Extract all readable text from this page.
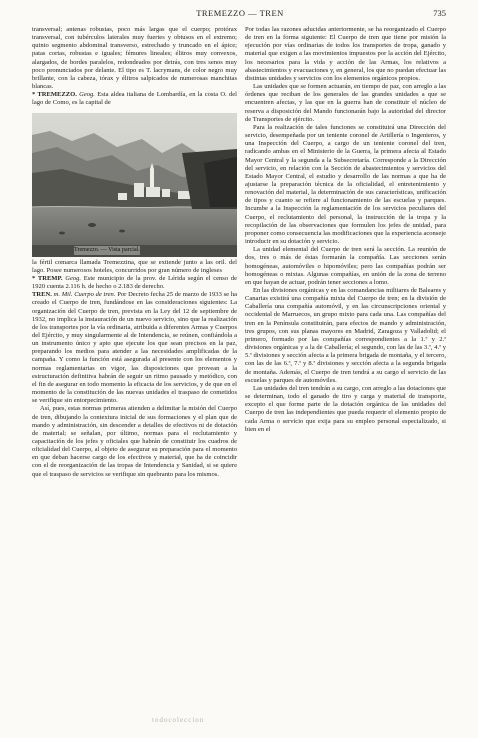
TREMEZZO — TREN	735

transversal; antenas robustas, poco más largas que el cuerpo; protórax transversal, con tubérculos laterales muy fuertes y obtusos en el extremo; quinto segmento abdominal transverso, estrechado y truncado en el ápice; patas cortas, robustas e iguales; fémures lineales; élitros muy convexos, alargados, de bordes paralelos, redondeados por detrás, con tres senos muy poco pronunciados por delante. El tipo es T. lacrymans, de color negro muy brillante, con la cabeza, tórax y élitros salpicados de numerosas manchitas blancas.

* TREMEZZO. Geog. Esta aldea italiana de Lombardía, en la costa O. del lago de Como, es la capital de

Tremezzo. — Vista parcial.

la fértil comarca llamada Tremezzina, que se extiende junto a las oril. del lago. Posee numerosos hoteles, concurridos por gran número de ingleses

* TREMP. Geog. Este municipio de la prov. de Lérida según el censo de 1920 cuenta 2.116 h. de hecho o 2.183 de derecho.

TREN. m. Mil. Cuerpo de tren. Por Decreto fecha 25 de marzo de 1933 se ha creado el Cuerpo de tren, fundándose en las consideraciones siguientes: La organización del Cuerpo de tren, prevista en la Ley del 12 de septiembre de 1932, no implica la instauración de un nuevo servicio, sino que la realización de los transportes por la vía ordinaria, atribuida a diferentes Armas y Cuerpos del Ejército, y muy singularmente al de Intendencia, se reúnen, confiándola a un instrumento único y apto que ejecute los que sean precisos en la paz, preparando los medios para atender a las necesidades amplificadas de la campaña. Y como la función está asegurada al presente con los elementos y normas reglamentarias en vigor, las disposiciones que provean a la estructuración definitiva habrán de seguir un ritmo pausado y metódico, con el fin de asegurar en todo momento la eficacia de los servicios, y de que en el momento de la constitución de las nuevas unidades el traspaso de cometidos se verifique sin entorpecimiento.

Así, pues, estas normas primeras atienden a delimitar la misión del Cuerpo de tren, dibujando la contextura inicial de sus formaciones y el plan que de mando y administración, sin descender a detalles de efectivos ni de dotación de material; se señalan, por último, normas para el reclutamiento y capacitación de los jefes y oficiales que habrán de constituir los cuadros de oficialidad del Cuerpo, al objeto de asegurar su preparación para el momento en que deban hacerse cargo de los efectivos y material, que ha de coincidir con el de reorganización de las tropas de Intendencia y Sanidad, si se quiere que el traspaso de servicios se verifique sin quebranto para los mismos.

Por todas las razones aducidas anteriormente, se ha reorganizado el Cuerpo de tren en la forma siguiente: El Cuerpo de tren que tiene por misión la ejecución por vías ordinarias de todos los transportes de tropa, ganado y material que exigen a las movimientos impuestos por la acción del Ejército, los necesarios para la vida y acción de las Armas, los relativos a abastecimientos y evacuaciones y, en general, los que no puedan efectuar las distintas unidades y servicios con los elementos orgánicos propios.

Las unidades que se formen actuarán, en tiempo de paz, con arreglo a las órdenes que reciban de los generales de las grandes unidades a que se encuentren afectas, y las que en la guerra han de constituir el núcleo de reserva a disposición del Mando funcionarán bajo la autoridad del director de Transportes de ejército.

Para la realización de tales funciones se constituirá una Dirección del servicio, desempeñada por un teniente coronel de Artillería o Ingenieros, y una Inspección del Cuerpo, a cargo de un teniente coronel del tren, radicando ambas en el Ministerio de la Guerra, la primera afecta al Estado Mayor Central y la segunda a la Subsecretaría. Corresponde a la Dirección del servicio, en relación con la Sección de abastecimientos y servicios del Estado Mayor Central, el estudio y desarrollo de las normas a que ha de ajustarse la preparación técnica de la oficialidad, el entretenimiento y renovación del material, la determinación de sus características, unificación de tipos y cuanto se refiere al funcionamiento de las escuelas y parques. Incumbe a la Inspección la reglamentación de los servicios peculiares del Cuerpo, el reclutamiento del personal, la instrucción de la tropa y la recopilación de las observaciones que formulen los jefes de unidad, para proponer como consecuencia las modificaciones que la experiencia aconseje introducir en su dotación y servicio.

La unidad elemental del Cuerpo de tren será la sección. La reunión de dos, tres o más de éstas formarán la compañía. Las secciones serán homogéneas, automóviles o hipomóviles; pero las compañías podrán ser homogéneas o mixtas. Algunas compañías, en unión de la zona de terreno en que hayan de actuar, podrán tener secciones a lomo.

En las divisiones orgánicas y en las comandancias militares de Baleares y Canarias existirá una compañía mixta del Cuerpo de tren; en la división de Caballería una compañía automóvil, y en las circunscripciones oriental y occidental de Marruecos, un grupo mixto para cada una. Las compañías del tren en la Península constituirán, para efectos de mando y administración, tres grupos, con sus planas mayores en Madrid, Zaragoza y Valladolid; el primero, formado por las compañías correspondientes a la 1.ª y 2.ª divisiones orgánicas y a la de Caballería; el segundo, con las de las 3.ª, 4.ª y 5.ª divisiones y sección afecta a la primera brigada de montaña, y el tercero, con las de las 6.ª, 7.ª y 8.ª divisiones y sección afecta a la segunda brigada de montaña. Además, el Cuerpo de tren tendrá a su cargo el servicio de las escuelas y parques de automóviles.

Las unidades del tren tendrán a su cargo, con arreglo a las dotaciones que se determinan, todo el ganado de tiro y carga y material de transporte, excepto el que forme parte de la dotación orgánica de las unidades del Cuerpo de tren las independientes que pueda requerir el elemento propio de cada Arma o servicio que exija para su empleo personal especializado, si bien en el

todocoleccion
